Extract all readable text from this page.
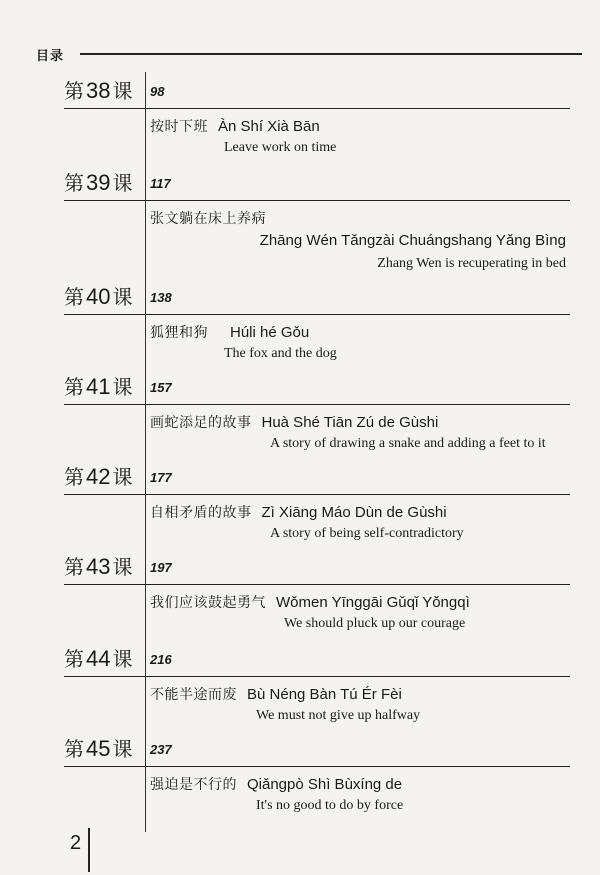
目录
第38 课 98
按时下班 Àn Shí Xià Bān
Leave work on time
第39 课 117
张文躺在床上养病
Zhāng Wén Tǎngzài Chuángshang Yǎng Bìng
Zhang Wen is recuperating in bed
第40 课 138
狐狸和狗 Húli hé Gǒu
The fox and the dog
第41 课 157
画蛇添足的故事 Huà Shé Tiān Zú de Gùshi
A story of drawing a snake and adding a feet to it
第42 课 177
自相矛盾的故事 Zì Xiāng Máo Dùn de Gùshi
A story of being self-contradictory
第43 课 197
我们应该鼓起勇气 Wǒmen Yīnggāi Gǔqǐ Yǒngqì
We should pluck up our courage
第44 课 216
不能半途而废 Bù Néng Bàn Tú Ér Fèi
We must not give up halfway
第45 课 237
强迫是不行的 Qiǎngpò Shì Bùxíng de
It's no good to do by force
2
